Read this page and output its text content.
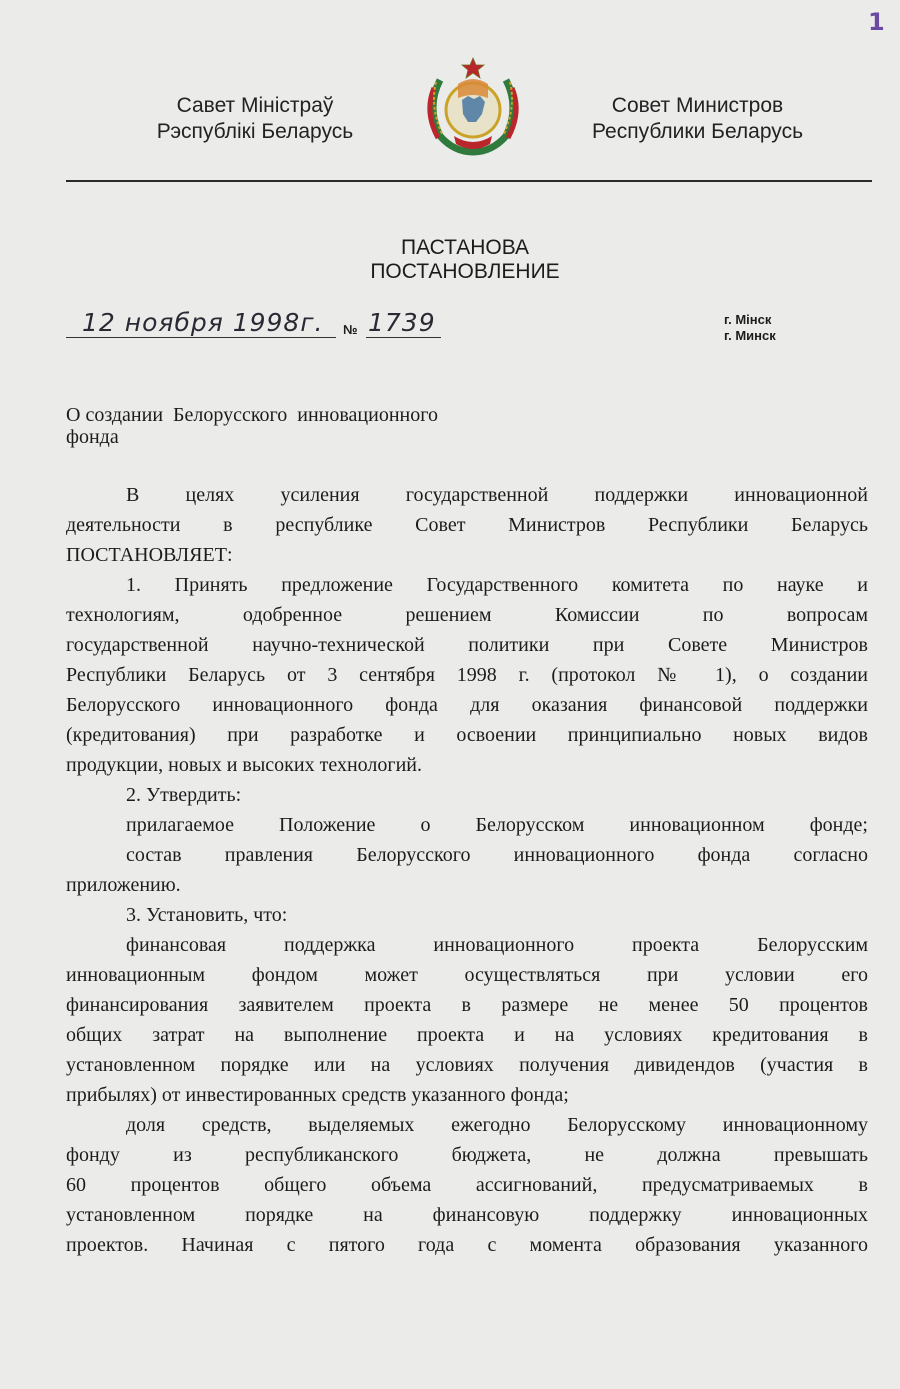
1
Савет Міністраў
Рэспублікі Беларусь
Совет Министров
Республики Беларусь
ПАСТАНОВА
ПОСТАНОВЛЕНИЕ
12 ноября 1998г. № 1739	г. Мінск
г. Минск
О создании  Белорусского  инновационного
фонда

В целях усиления государственной поддержки инновационной

деятельности в республике Совет Министров Республики Беларусь

ПОСТАНОВЛЯЕТ:

1. Принять предложение Государственного комитета по науке и

технологиям, одобренное решением Комиссии по вопросам

государственной научно-технической политики при Совете Министров

Республики Беларусь от 3 сентября 1998 г. (протокол № 1), о создании

Белорусского инновационного фонда для оказания финансовой поддержки

(кредитования) при разработке и освоении принципиально новых видов

продукции, новых и высоких технологий.

2. Утвердить:

прилагаемое Положение о Белорусском инновационном фонде;

состав правления Белорусского инновационного фонда согласно

приложению.

3. Установить, что:

финансовая поддержка инновационного проекта Белорусским

инновационным фондом может осуществляться при условии его

финансирования заявителем проекта в размере не менее 50 процентов

общих затрат на выполнение проекта и на условиях кредитования в

установленном порядке или на условиях получения дивидендов (участия в

прибылях) от инвестированных средств указанного фонда;

доля средств, выделяемых ежегодно Белорусскому инновационному

фонду из республиканского бюджета, не должна превышать

60 процентов общего объема ассигнований, предусматриваемых в

установленном порядке на финансовую поддержку инновационных

проектов. Начиная с пятого года с момента образования указанного
